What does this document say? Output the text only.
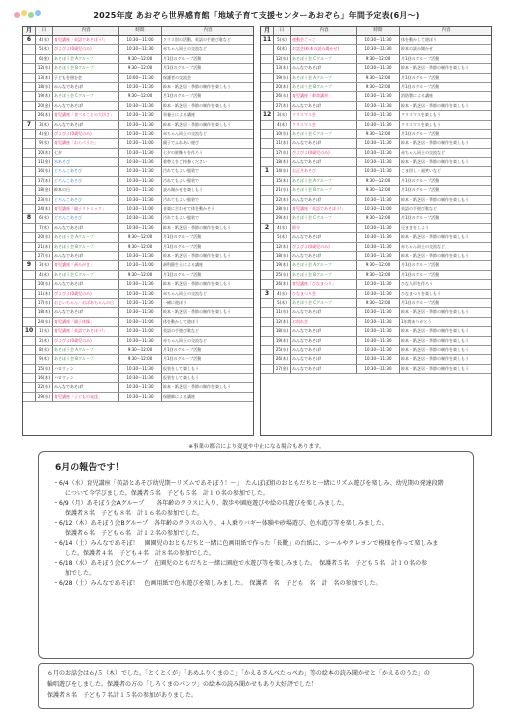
2025年度 あおぞら世界感育館「地域子育て支援センターあおぞら」年間予定表(6月～)
月	日	内容	時間	内容
6	4(水)	育児講座「英語であそぼう!」	10:30～11:00	クラス別の活動、英語の手遊び歌など
5(木)	ぴよぴよ(0歳児のみ)	10:30～11:30	赤ちゃん同士の交流など
6(金)	あそぼう会 Aグループ	9:30～12:00	月1回のグループ活動
12(水) あそぼう会 Bグループ	9:30～12:00	月1回のグループ活動
13(木) 子どもを囲む会	10:00～11:30	保護者の交流会
18(水) みんなであそぼ!	10:30～11:30	絵本・紙芝居・季節の制作を楽しもう
19(木) あそぼう会 Cグループ	9:30～12:00	月1回のグループ活動
20(金) みんなであそぼ!	10:30～11:30	絵本・紙芝居・季節の制作を楽しもう
26(木) 育児講座「食べることの大切さ」	10:30～11:30	栄養士による講座
7	3(木)	みんなであそぼ!	10:30～11:30	絵本・紙芝居・季節の制作を楽しもう
4(金)	ぴよぴよ(0歳児のみ)	10:30～11:30	赤ちゃん同士の交流など
9(水)	育児講座「わらべうた」	10:30～11:00	親子でふれあい遊び
10(木) 七夕	10:30～11:30	七夕の笹飾りを作ろう
11(金) 水あそび	10:30～11:30	着替えをご持参ください
16(水) どろんこあそび	10:30～11:30	汚れてもよい服装で
17(木) どろんこあそび	10:30～11:30	汚れてもよい服装で
18(金) 絵本の日	10:30～11:30	読み聞かせを楽しもう
23(水) どろんこあそび	10:30～11:30	汚れてもよい服装で
24(木) 育児講座「親子リトミック」	10:30～11:00	音楽に合わせて体を動かそう
8	6(水)	どろんこあそび	10:30～11:30	汚れてもよい服装で
7(木)	みんなであそぼ!	10:30～11:30	絵本・紙芝居・季節の制作を楽しもう
20(水) あそぼう会 Aグループ	9:30～12:00	月1回のグループ活動
21(木) あそぼう会 Bグループ	9:30～12:00	月1回のグループ活動
27(水) みんなであそぼ!	10:30～11:30	絵本・紙芝居・季節の制作を楽しもう
9	3(水)	育児講座「歯みがき」	10:30～11:00	歯科衛生士による講座
4(木)	あそぼう会 Cグループ	9:30～12:00	月1回のグループ活動
10(水) みんなであそぼ!	10:30～11:30	絵本・紙芝居・季節の制作を楽しもう
11(木) ぴよぴよ(0歳児のみ)	10:30～11:30	赤ちゃん同士の交流など
17(水) おじいちゃん・おばあちゃんの日	10:30～11:30	一緒に遊ぼう
18(木) みんなであそぼ!	10:30～11:30	絵本・紙芝居・季節の制作を楽しもう
24(水) 育児講座「親子体操」	10:30～11:00	体を動かして遊ぼう
10	1(水)	育児講座「英語であそぼう!」	10:30～11:00	英語の手遊び歌など
2(木)	ぴよぴよ(0歳児のみ)	10:30～11:30	赤ちゃん同士の交流など
8(水)	あそぼう会 Aグループ	9:30～12:00	月1回のグループ活動
9(木)	あそぼう会 Bグループ	9:30～12:00	月1回のグループ活動
15(水) ハロウィン	10:30～11:30	仮装をして楽しもう
16(木) ハロウィン	10:30～11:30	仮装をして楽しもう
22(水) みんなであそぼ!	10:30～11:30	絵本・紙芝居・季節の制作を楽しもう
29(水) 育児講座「子どもの発達」	10:30～11:30	保健師による講座
月	日	内容	時間	内容
11	5(水)	運動会ごっこ	10:30～11:30	体を動かして遊ぼう
6(木)	お話会(絵本の読み聞かせ)	10:30～11:30	絵本の読み聞かせ
12(水) あそぼう会 Cグループ	9:30～12:00	月1回のグループ活動
13(木) みんなであそぼ!	10:30～11:30	絵本・紙芝居・季節の制作を楽しもう
19(水) あそぼう会 Aグループ	9:30～12:00	月1回のグループ活動
20(木) あそぼう会 Bグループ	9:30～12:00	月1回のグループ活動
26(水) 育児講座「救命講習」	10:30～11:30	消防署による講座
27(木) みんなであそぼ!	10:30～11:30	絵本・紙芝居・季節の制作を楽しもう
12	3(水)	クリスマス会	10:30～11:30	クリスマスを楽しもう
4(木)	クリスマス会	10:30～11:30	クリスマスを楽しもう
10(水) あそぼう会 Cグループ	9:30～12:00	月1回のグループ活動
11(木) みんなであそぼ!	10:30～11:30	絵本・紙芝居・季節の制作を楽しもう
17(水) ぴよぴよ(0歳児のみ)	10:30～11:30	赤ちゃん同士の交流など
18(木) みんなであそぼ!	10:30～11:30	絵本・紙芝居・季節の制作を楽しもう
1	14(水) お正月あそび	10:30～11:30	こま回し・福笑いなど
15(木) あそぼう会 Aグループ	9:30～12:00	月1回のグループ活動
21(水) あそぼう会 Bグループ	9:30～12:00	月1回のグループ活動
22(木) みんなであそぼ!	10:30～11:30	絵本・紙芝居・季節の制作を楽しもう
28(水) 育児講座「英語であそぼう!」	10:30～11:00	英語の手遊び歌など
29(木) あそぼう会 Cグループ	9:30～12:00	月1回のグループ活動
2	4(水)	節分	10:30～11:30	豆まきをしよう
5(木)	みんなであそぼ!	10:30～11:30	絵本・紙芝居・季節の制作を楽しもう
12(木) ぴよぴよ(0歳児のみ)	10:30～11:30	赤ちゃん同士の交流など
18(水) みんなであそぼ!	10:30～11:30	絵本・紙芝居・季節の制作を楽しもう
19(木) あそぼう会 Aグループ	9:30～12:00	月1回のグループ活動
25(水) あそぼう会 Bグループ	9:30～12:00	月1回のグループ活動
26(木) 育児講座「ひなまつり」	10:30～11:30	ひな人形を作ろう
3	4(水)	ひなまつり会	10:30～11:30	ひなまつりを楽しもう
5(木)	あそぼう会 Cグループ	9:30～12:00	月1回のグループ活動
11(水) みんなであそぼ!	10:30～11:30	絵本・紙芝居・季節の制作を楽しもう
12(木) お別れ会	10:30～11:30	1年間ありがとう
18(水) みんなであそぼ!	10:30～11:30	絵本・紙芝居・季節の制作を楽しもう
19(木) みんなであそぼ!	10:30～11:30	絵本・紙芝居・季節の制作を楽しもう
25(水) みんなであそぼ!	10:30～11:30	絵本・紙芝居・季節の制作を楽しもう
26(木) みんなであそぼ!	10:30～11:30	絵本・紙芝居・季節の制作を楽しもう
27(金) みんなであそぼ!	10:30～11:30	絵本・紙芝居・季節の制作を楽しもう
※事業の都合により変更や中止になる場合もあります。
6月の報告です！
・6/4（水）育児講座「英語とあそび幼児期〜リズムであそぼう！〜」　たんぽぽ組のおともだちと一緒にリズム遊びを楽しみ、幼児期の発達段階
について今学びました。保護者５名　子ども５名　計１０名の参加でした。
・6/9（月）あそぼう会Aグループ　　各年齢のクラスに入り、散歩や園庭遊びや絵の具遊びを楽しみました。
保護者８名　子ども８名　計１６名の参加でした。
・6/12（木）あそぼう会Bグループ　各年齢のクラスの入り、４人乗りバギー体験や砂場遊び、色水遊び等を楽しみました。
保護者６名　子ども６名　計１２名の参加でした。
・6/14（土）みんなであそぼ！　園園児のおともだちと一緒に色画用紙で作った「長靴」の台紙に、シールやクレヨンで模様を作って楽しみま
した。保護者４名　子ども４名　計８名の参加でした。
・6/18（水）あそぼう会Cグループ　在園児のともだちと一緒に園庭で水遊び等を楽しみました。　保護者５名　子ども５名　計１０名の参
加でした。
・6/28（土）みんなであそぼ！　色画用紙で色水遊びを楽しみました。　保護者　名　子ども　名　計　名の参加でした。
６月のお話会は６/５（木）でした。「とくとくが」「あめふりくまのこ」「かえるさんべたっぺわ」等の絵本の読み聞かせと「かえるのうた」の
輪唱遊びをしました。保護者の方の「しろくまのパンツ」の絵本の読み聞かせもあり大好評でした！
保護者８名　子ども７名計１５名の参加がありました。
